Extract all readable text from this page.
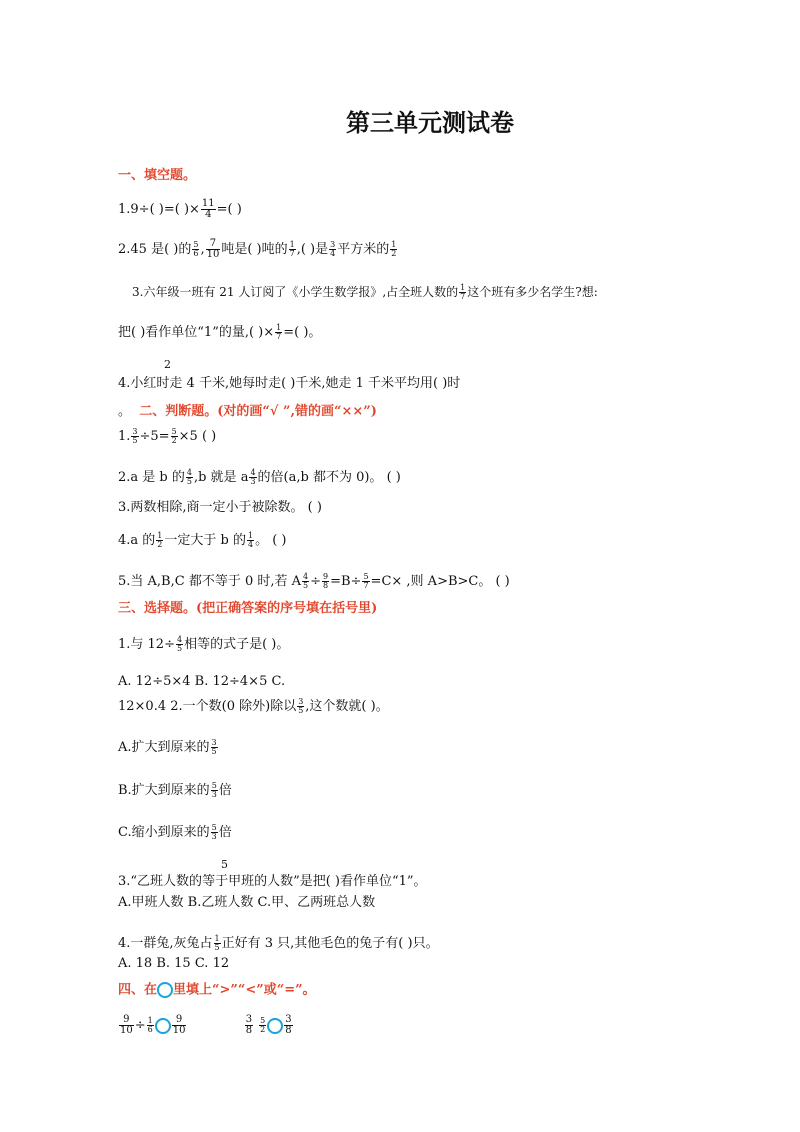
第三单元测试卷
一、填空题。
1.9÷( )=( )× $\frac{11}{4}$ =( )
2.45 是( )的 $\frac{5}{6}$ , $\frac{7}{10}$ 吨是( )吨的 $\frac{1}{7}$ ,( )是 $\frac{3}{4}$ 平方米的 $\frac{1}{2}$
3.六年级一班有 21 人订阅了《小学生数学报》,占全班人数的 $\frac{1}{7}$ 这个班有多少名学生?想:
把( )看作单位“1”的量,( )× $\frac{1}{7}$ =( )。
2
4.小红时走 4 千米,她每时走( )千米,她走 1 千米平均用( )时
。 二、判断题。(对的画“√ ”,错的画“××”)
1. $\frac{3}{5} \div 5= \frac{5}{2} \times 5$ ( )
2.a 是 b 的 $\frac{4}{5} ,b$ 就是 a $\frac{4}{3}$ 的倍(a,b 都不为 0)。 ( )
3.两数相除,商一定小于被除数。 ( )
4.a 的 $\frac{1}{2}$ 一定大于 b 的 $\frac{1}{4}$ 。 ( )
5.当 A,B,C 都不等于 0 时,若 A $\frac{4}{5} \div \frac{9}{8} =B\div \frac{5}{7} =C\times$ ,则 A>B>C。 ( )
三、选择题。(把正确答案的序号填在括号里)
1.与 $12\div \frac{4}{5}$ 相等的式子是( )。
A. 12÷5×4 B. 12÷4×5 C.
12×0.4 2.一个数(0 除外)除以 $\frac{3}{5}$ ,这个数就( )。
A.扩大到原来的 $\frac{3}{5}$
B.扩大到原来的 $\frac{5}{3}$ 倍
C.缩小到原来的 $\frac{5}{3}$ 倍
5
3.“乙班人数的等于甲班的人数”是把( )看作单位“1”。
A.甲班人数 B.乙班人数 C.甲、乙两班总人数
4.一群兔,灰兔占 $\frac{1}{5}$ 正好有 3 只,其他毛色的兔子有( )只。
A. 18 B. 15 C. 12
四、在 里填上“>”“<”或“=”。
$\frac{9}{10} \div \frac{1}{6} \frac{9}{10}$
	$\frac{3}{8} \frac{5}{2} \frac{3}{8}$
